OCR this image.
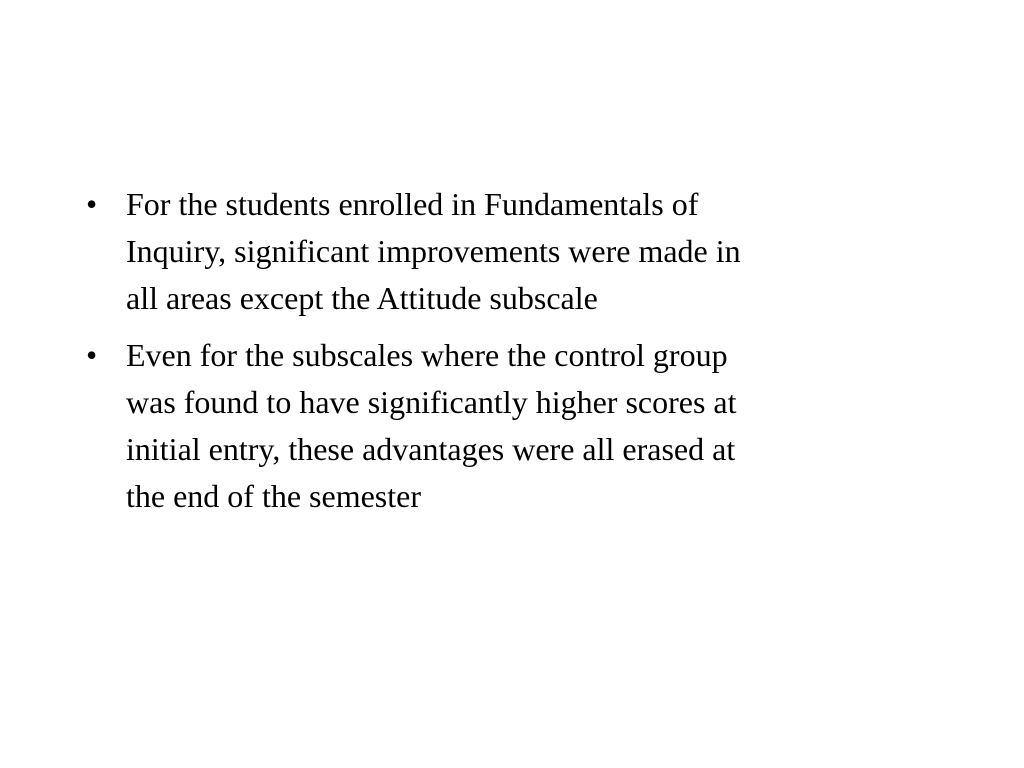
• For the students enrolled in Fundamentals of
Inquiry, significant improvements were made in
all areas except the Attitude subscale
• Even for the subscales where the control group
was found to have significantly higher scores at
initial entry, these advantages were all erased at
the end of the semester
